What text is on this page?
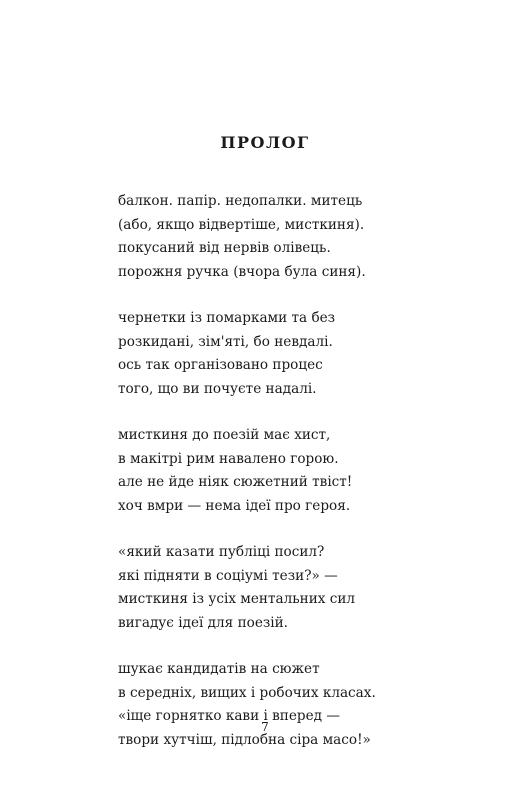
ПРОЛОГ
балкон. папір. недопалки. митець
(або, якщо відвертіше, мисткиня).
покусаний від нервів олівець.
порожня ручка (вчора була синя).
чернетки із помарками та без
розкидані, зім'яті, бо невдалі.
ось так організовано процес
того, що ви почуєте надалі.
мисткиня до поезій має хист,
в макітрі рим навалено горою.
але не йде ніяк сюжетний твіст!
хоч вмри — нема ідеї про героя.
«який казати публіці посил?
які підняти в соціумі тези?» —
мисткиня із усіх ментальних сил
вигадує ідеї для поезій.
шукає кандидатів на сюжет
в середніх, вищих і робочих класах.
«іще горнятко кави і вперед —
твори хутчіш, підлобна сіра масо!»
7
